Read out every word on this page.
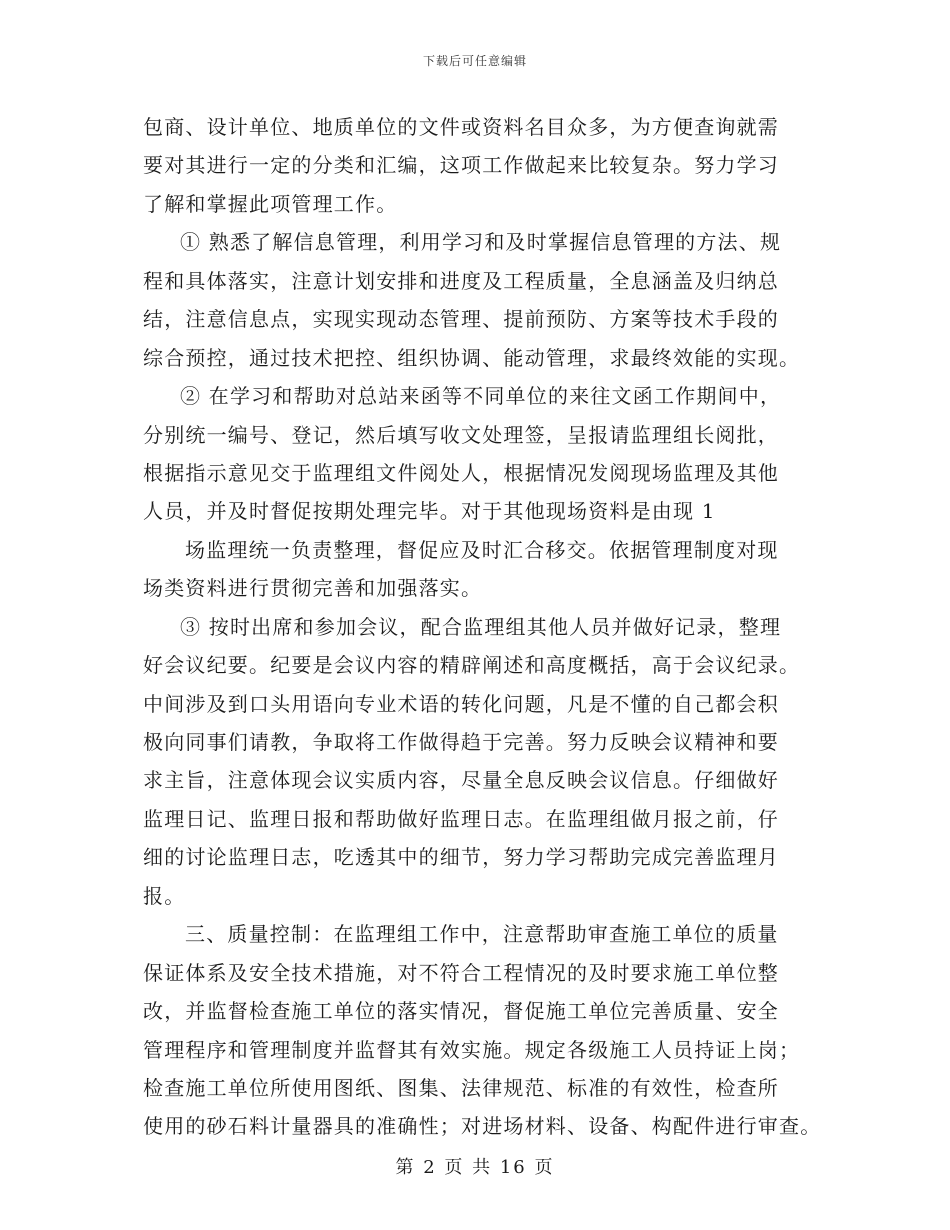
下载后可任意编辑
包商、设计单位、地质单位的文件或资料名目众多，为方便查询就需
要对其进行一定的分类和汇编，这项工作做起来比较复杂。努力学习
了解和掌握此项管理工作。
① 熟悉了解信息管理，利用学习和及时掌握信息管理的方法、规
程和具体落实，注意计划安排和进度及工程质量，全息涵盖及归纳总
结，注意信息点，实现实现动态管理、提前预防、方案等技术手段的
综合预控，通过技术把控、组织协调、能动管理，求最终效能的实现。
② 在学习和帮助对总站来函等不同单位的来往文函工作期间中，
分别统一编号、登记，然后填写收文处理签，呈报请监理组长阅批，
根据指示意见交于监理组文件阅处人，根据情况发阅现场监理及其他
人员，并及时督促按期处理完毕。对于其他现场资料是由现 1
场监理统一负责整理，督促应及时汇合移交。依据管理制度对现
场类资料进行贯彻完善和加强落实。
③ 按时出席和参加会议，配合监理组其他人员并做好记录，整理
好会议纪要。纪要是会议内容的精辟阐述和高度概括，高于会议纪录。
中间涉及到口头用语向专业术语的转化问题，凡是不懂的自己都会积
极向同事们请教，争取将工作做得趋于完善。努力反映会议精神和要
求主旨，注意体现会议实质内容，尽量全息反映会议信息。仔细做好
监理日记、监理日报和帮助做好监理日志。在监理组做月报之前，仔
细的讨论监理日志，吃透其中的细节，努力学习帮助完成完善监理月
报。
三、质量控制：在监理组工作中，注意帮助审查施工单位的质量
保证体系及安全技术措施，对不符合工程情况的及时要求施工单位整
改，并监督检查施工单位的落实情况，督促施工单位完善质量、安全
管理程序和管理制度并监督其有效实施。规定各级施工人员持证上岗；
检查施工单位所使用图纸、图集、法律规范、标准的有效性，检查所
使用的砂石料计量器具的准确性；对进场材料、设备、构配件进行审查。
第 2 页 共 16 页
